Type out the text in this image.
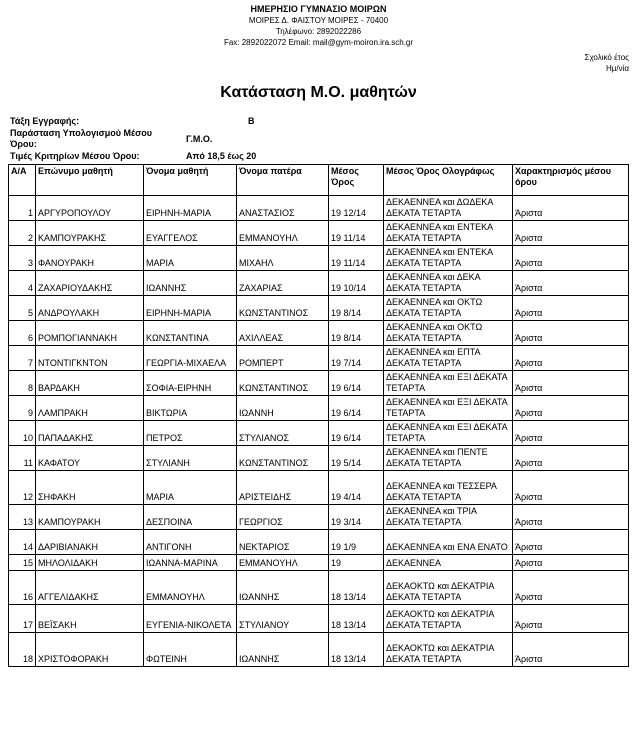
ΗΜΕΡΗΣΙΟ ΓΥΜΝΑΣΙΟ ΜΟΙΡΩΝ
ΜΟΙΡΕΣ Δ. ΦΑΙΣΤΟΥ ΜΟΙΡΕΣ - 70400
Τηλέφωνο: 2892022286
Fax: 2892022072 Email: mail@gym-moiron.ira.sch.gr
Σχολικό έτος
Ημ/νία
Κατάσταση Μ.Ο. μαθητών
Τάξη Εγγραφής:	Β
Παράσταση Υπολογισμού Μέσου
Όρου:	Γ.Μ.Ο.
Τιμές Κριτηρίων Μέσου Όρου:	Από 18,5 έως 20
Α/Α	Επώνυμο μαθητή	Όνομα μαθητή	Όνομα πατέρα	Μέσος Όρος	Μέσος Όρος Ολογράφως	Χαρακτηρισμός μέσου όρου
1	ΑΡΓΥΡΟΠΟΥΛΟΥ	ΕΙΡΗΝΗ-ΜΑΡΙΑ	ΑΝΑΣΤΑΣΙΟΣ	19 12/14	ΔΕΚΑΕΝΝΕΑ και ΔΩΔΕΚΑ ΔΕΚΑΤΑ ΤΕΤΑΡΤΑ	Άριστα
2	ΚΑΜΠΟΥΡΑΚΗΣ	ΕΥΑΓΓΕΛΟΣ	ΕΜΜΑΝΟΥΗΛ	19 11/14	ΔΕΚΑΕΝΝΕΑ και ΕΝΤΕΚΑ ΔΕΚΑΤΑ ΤΕΤΑΡΤΑ	Άριστα
3	ΦΑΝΟΥΡΑΚΗ	ΜΑΡΙΑ	ΜΙΧΑΗΛ	19 11/14	ΔΕΚΑΕΝΝΕΑ και ΕΝΤΕΚΑ ΔΕΚΑΤΑ ΤΕΤΑΡΤΑ	Άριστα
4	ΖΑΧΑΡΙΟΥΔΑΚΗΣ	ΙΩΑΝΝΗΣ	ΖΑΧΑΡΙΑΣ	19 10/14	ΔΕΚΑΕΝΝΕΑ και ΔΕΚΑ ΔΕΚΑΤΑ ΤΕΤΑΡΤΑ	Άριστα
5	ΑΝΔΡΟΥΛΑΚΗ	ΕΙΡΗΝΗ-ΜΑΡΙΑ	ΚΩΝΣΤΑΝΤΙΝΟΣ	19 8/14	ΔΕΚΑΕΝΝΕΑ και ΟΚΤΩ ΔΕΚΑΤΑ ΤΕΤΑΡΤΑ	Άριστα
6	ΡΟΜΠΟΓΙΑΝΝΑΚΗ	ΚΩΝΣΤΑΝΤΙΝΑ	ΑΧΙΛΛΕΑΣ	19 8/14	ΔΕΚΑΕΝΝΕΑ και ΟΚΤΩ ΔΕΚΑΤΑ ΤΕΤΑΡΤΑ	Άριστα
7	ΝΤΟΝΤΙΓΚΝΤΟΝ	ΓΕΩΡΓΙΑ-ΜΙΧΑΕΛΑ	ΡΟΜΠΕΡΤ	19 7/14	ΔΕΚΑΕΝΝΕΑ και ΕΠΤΑ ΔΕΚΑΤΑ ΤΕΤΑΡΤΑ	Άριστα
8	ΒΑΡΔΑΚΗ	ΣΟΦΙΑ-ΕΙΡΗΝΗ	ΚΩΝΣΤΑΝΤΙΝΟΣ	19 6/14	ΔΕΚΑΕΝΝΕΑ και ΕΞΙ ΔΕΚΑΤΑ ΤΕΤΑΡΤΑ	Άριστα
9	ΛΑΜΠΡΑΚΗ	ΒΙΚΤΩΡΙΑ	ΙΩΑΝΝΗ	19 6/14	ΔΕΚΑΕΝΝΕΑ και ΕΞΙ ΔΕΚΑΤΑ ΤΕΤΑΡΤΑ	Άριστα
10	ΠΑΠΑΔΑΚΗΣ	ΠΕΤΡΟΣ	ΣΤΥΛΙΑΝΟΣ	19 6/14	ΔΕΚΑΕΝΝΕΑ και ΕΞΙ ΔΕΚΑΤΑ ΤΕΤΑΡΤΑ	Άριστα
11	ΚΑΦΑΤΟΥ	ΣΤΥΛΙΑΝΗ	ΚΩΝΣΤΑΝΤΙΝΟΣ	19 5/14	ΔΕΚΑΕΝΝΕΑ και ΠΕΝΤΕ ΔΕΚΑΤΑ ΤΕΤΑΡΤΑ	Άριστα
12	ΣΗΦΑΚΗ	ΜΑΡΙΑ	ΑΡΙΣΤΕΙΔΗΣ	19 4/14	ΔΕΚΑΕΝΝΕΑ και ΤΕΣΣΕΡΑ ΔΕΚΑΤΑ ΤΕΤΑΡΤΑ	Άριστα
13	ΚΑΜΠΟΥΡΑΚΗ	ΔΕΣΠΟΙΝΑ	ΓΕΩΡΓΙΟΣ	19 3/14	ΔΕΚΑΕΝΝΕΑ και ΤΡΙΑ ΔΕΚΑΤΑ ΤΕΤΑΡΤΑ	Άριστα
14	ΔΑΡΙΒΙΑΝΑΚΗ	ΑΝΤΙΓΟΝΗ	ΝΕΚΤΑΡΙΟΣ	19 1/9	ΔΕΚΑΕΝΝΕΑ και ΕΝΑ ΕΝΑΤΟ	Άριστα
15	ΜΗΛΟΛΙΔΑΚΗ	ΙΩΑΝΝΑ-ΜΑΡΙΝΑ	ΕΜΜΑΝΟΥΗΛ	19	ΔΕΚΑΕΝΝΕΑ	Άριστα
16	ΑΓΓΕΛΙΔΑΚΗΣ	ΕΜΜΑΝΟΥΗΛ	ΙΩΑΝΝΗΣ	18 13/14	ΔΕΚΑΟΚΤΩ και ΔΕΚΑΤΡΙΑ ΔΕΚΑΤΑ ΤΕΤΑΡΤΑ	Άριστα
17	ΒΕΪΣΑΚΗ	ΕΥΓΕΝΙΑ-ΝΙΚΟΛΕΤΑ	ΣΤΥΛΙΑΝΟΥ	18 13/14	ΔΕΚΑΟΚΤΩ και ΔΕΚΑΤΡΙΑ ΔΕΚΑΤΑ ΤΕΤΑΡΤΑ	Άριστα
18	ΧΡΙΣΤΟΦΟΡΑΚΗ	ΦΩΤΕΙΝΗ	ΙΩΑΝΝΗΣ	18 13/14	ΔΕΚΑΟΚΤΩ και ΔΕΚΑΤΡΙΑ ΔΕΚΑΤΑ ΤΕΤΑΡΤΑ	Άριστα
